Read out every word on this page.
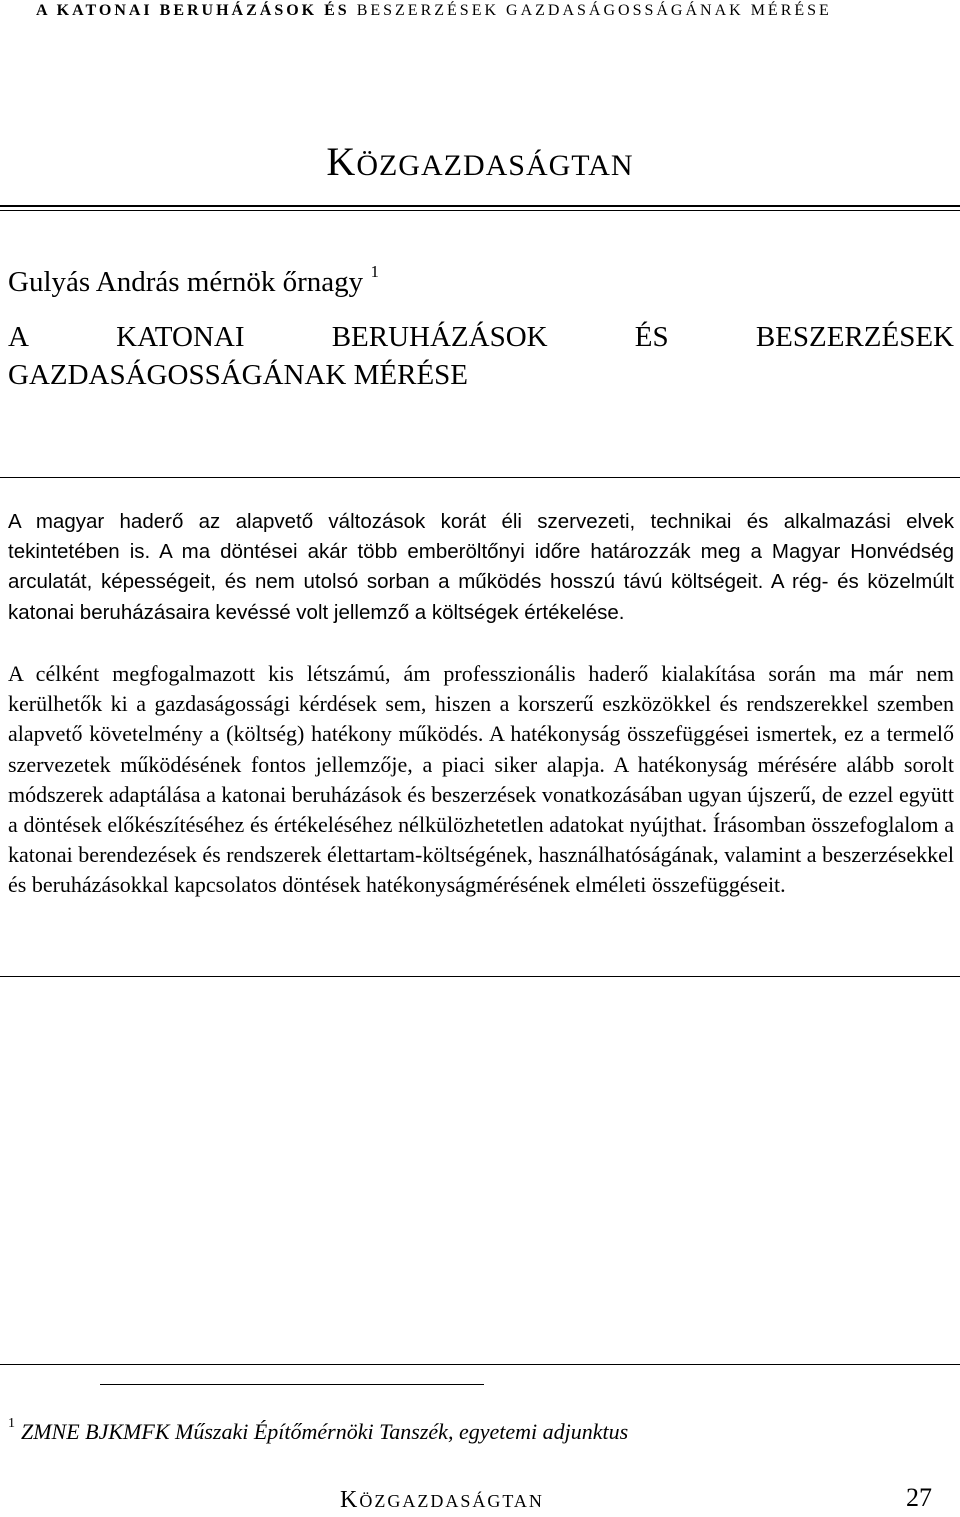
A KATONAI BERUHÁZÁSOK ÉS BESZERZÉSEK GAZDASÁGOSSÁGÁNAK MÉRÉSE
KÖZGAZDASÁGTAN
Gulyás András mérnök őrnagy $^1$
A	KATONAI	BERUHÁZÁSOK	ÉS	BESZERZÉSEK
GAZDASÁGOSSÁGÁNAK MÉRÉSE
A magyar haderő az alapvető változások korát éli szervezeti, technikai és alkalmazási elvek tekintetében is. A ma döntései akár több emberöltőnyi időre határozzák meg a Magyar Honvédség arculatát, képességeit, és nem utolsó sorban a működés hosszú távú költségeit. A rég- és közelmúlt katonai beruházásaira kevéssé volt jellemző a költségek értékelése.
A célként megfogalmazott kis létszámú, ám professzionális haderő kialakítása során ma már nem kerülhetők ki a gazdaságossági kérdések sem, hiszen a korszerű eszközökkel és rendszerekkel szemben alapvető követelmény a (költség) hatékony működés. A hatékonyság összefüggései ismertek, ez a termelő szervezetek működésének fontos jellemzője, a piaci siker alapja. A hatékonyság mérésére alább sorolt módszerek adaptálása a katonai beruházások és beszerzések vonatkozásában ugyan újszerű, de ezzel együtt a döntések előkészítéséhez és értékeléséhez nélkülözhetetlen adatokat nyújthat. Írásomban összefoglalom a katonai berendezések és rendszerek élettartam-költségének, használhatóságának, valamint a beszerzésekkel és beruházásokkal kapcsolatos döntések hatékonyságmérésének elméleti összefüggéseit.
$^1$ ZMNE BJKMFK Műszaki Építőmérnöki Tanszék, egyetemi adjunktus
KÖZGAZDASÁGTAN	27
